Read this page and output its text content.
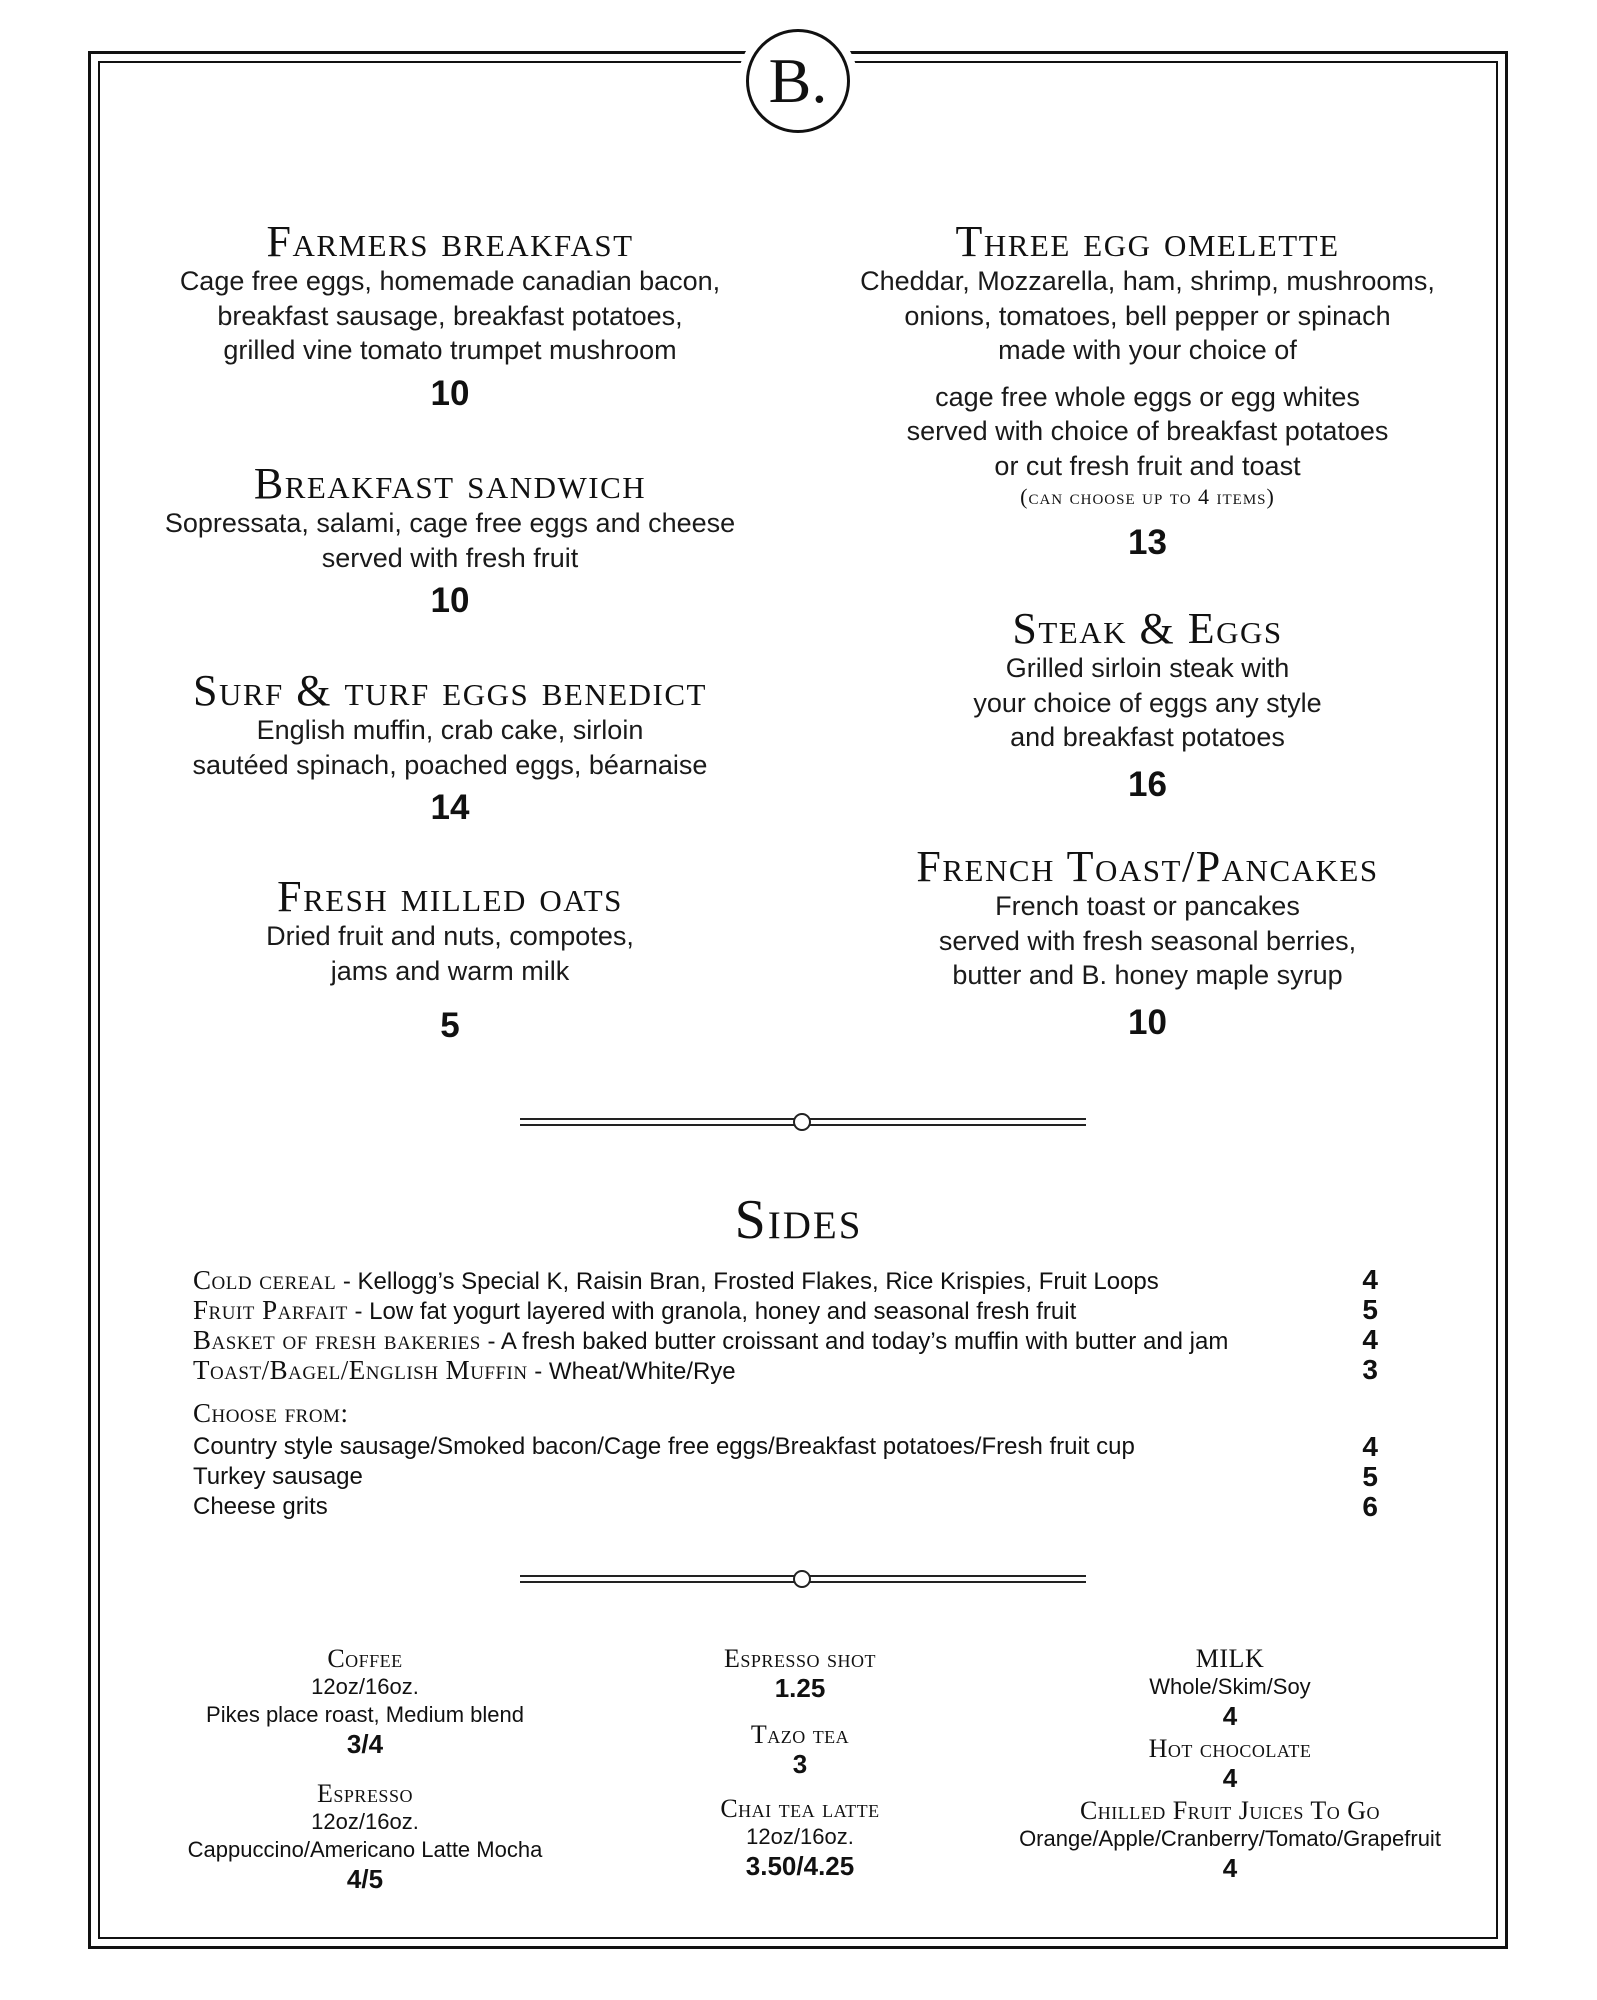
B.
Farmers breakfast
Cage free eggs, homemade canadian bacon,
breakfast sausage, breakfast potatoes,
grilled vine tomato trumpet mushroom
10
Breakfast sandwich
Sopressata, salami, cage free eggs and cheese
served with fresh fruit
10
Surf & turf eggs benedict
English muffin, crab cake, sirloin
sautéed spinach, poached eggs, béarnaise
14
Fresh milled oats
Dried fruit and nuts, compotes,
jams and warm milk
5
Three egg omelette
Cheddar, Mozzarella, ham, shrimp, mushrooms,
onions, tomatoes, bell pepper or spinach
made with your choice of
cage free whole eggs or egg whites
served with choice of breakfast potatoes
or cut fresh fruit and toast
(can choose up to 4 items)
13
Steak & Eggs
Grilled sirloin steak with
your choice of eggs any style
and breakfast potatoes
16
French Toast/Pancakes
French toast or pancakes
served with fresh seasonal berries,
butter and B. honey maple syrup
10
Sides
Cold cereal - Kellogg’s Special K, Raisin Bran, Frosted Flakes, Rice Krispies, Fruit Loops	4
Fruit Parfait - Low fat yogurt layered with granola, honey and seasonal fresh fruit	5
Basket of fresh bakeries - A fresh baked butter croissant and today’s muffin with butter and jam	4
Toast/Bagel/English Muffin - Wheat/White/Rye	3
Choose from:
Country style sausage/Smoked bacon/Cage free eggs/Breakfast potatoes/Fresh fruit cup	4
Turkey sausage	5
Cheese grits	6
Coffee
12oz/16oz.
Pikes place roast, Medium blend
3/4
Espresso
12oz/16oz.
Cappuccino/Americano Latte Mocha
4/5
Espresso shot
1.25
Tazo tea
3
Chai tea latte
12oz/16oz.
3.50/4.25
MILK
Whole/Skim/Soy
4
Hot chocolate
4
Chilled Fruit Juices To Go
Orange/Apple/Cranberry/Tomato/Grapefruit
4
